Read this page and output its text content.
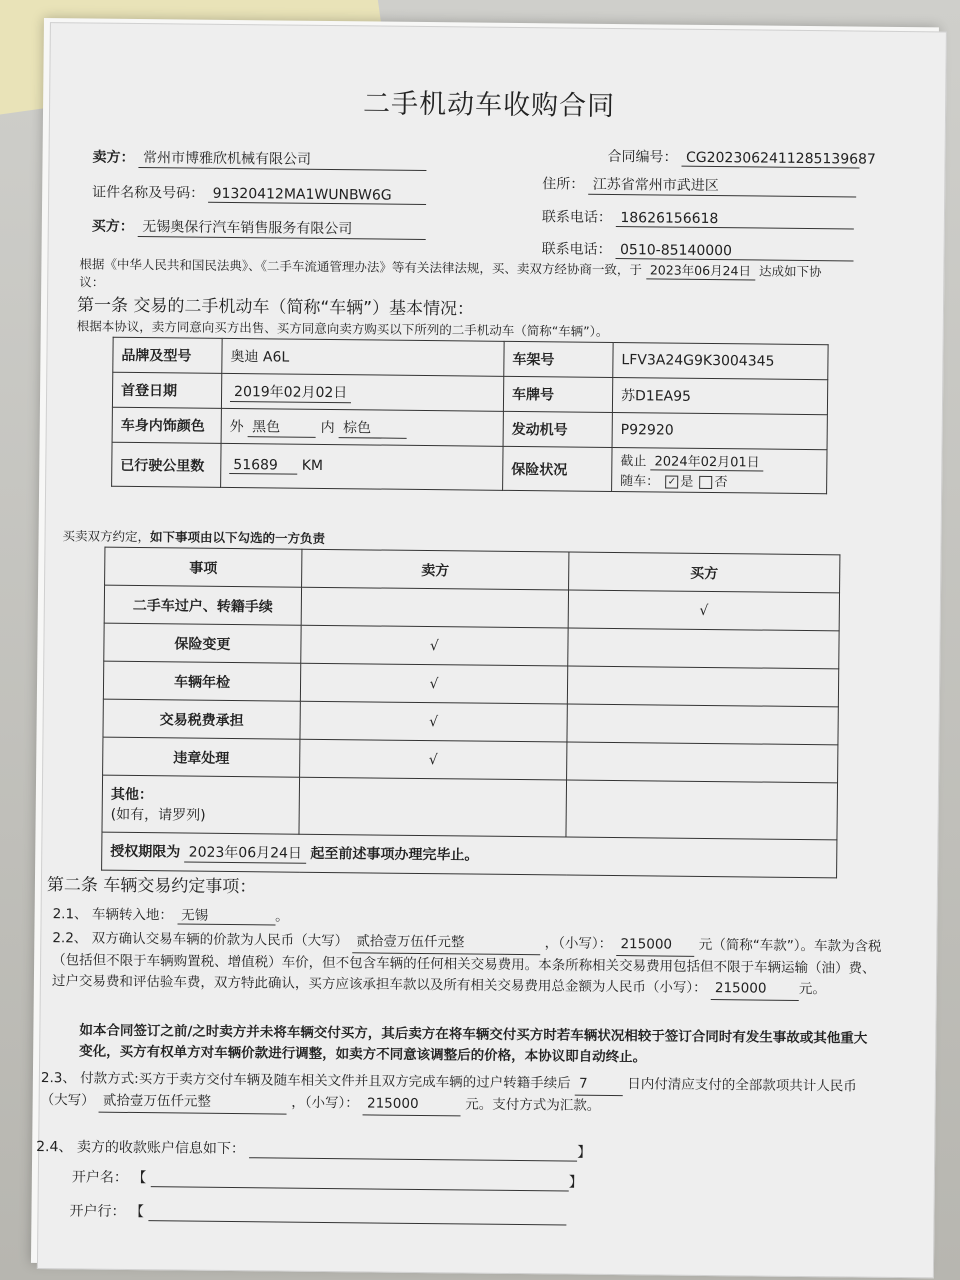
二手机动车收购合同
卖方： 常州市博雅欣机械有限公司
证件名称及号码： 91320412MA1WUNBW6G
买方： 无锡奥保行汽车销售服务有限公司
合同编号： CG2023062411285139687
住所： 江苏省常州市武进区
联系电话： 18626156618
联系电话： 0510-85140000
根据《中华人民共和国民法典》、《二手车流通管理办法》等有关法律法规，买、卖双方经协商一致，于 2023年06月24日 达成如下协
议：
第一条 交易的二手机动车（简称“车辆”）基本情况：
根据本协议，卖方同意向买方出售、买方同意向卖方购买以下所列的二手机动车（简称“车辆”）。
品牌及型号	奥迪 A6L	车架号	LFV3A24G9K3004345
首登日期	2019年02月02日	车牌号	苏D1EA95
车身内饰颜色	外 黑色 内 棕色	发动机号	P92920
已行驶公里数	51689 KM	保险状况	截止 2024年02月01日
随车： ✓ 是 否
买卖双方约定，如下事项由以下勾选的一方负责
事项	卖方	买方
二手车过户、转籍手续		√
保险变更	√	
车辆年检	√	
交易税费承担	√	
违章处理	√	

其他：
(如有，请罗列)		

授权期限为 2023年06月24日 起至前述事项办理完毕止。		
第二条 车辆交易约定事项：
2.1、 车辆转入地： 无锡	。
2.2、 双方确认交易车辆的价款为人民币（大写） 贰拾壹万伍仟元整	，（小写）： 215000 元（简称“车款”）。车款为含税（包括但不限于车辆购置税、增值税）车价，但不包含车辆的任何相关交易费用。本条所称相关交易费用包括但不限于车辆运输（油）费、过户交易费和评估验车费，双方特此确认，买方应该承担车款以及所有相关交易费用总金额为人民币（小写）： 215000 元。
如本合同签订之前/之时卖方并未将车辆交付买方，其后卖方在将车辆交付买方时若车辆状况相较于签订合同时有发生事故或其他重大变化，买方有权单方对车辆价款进行调整，如卖方不同意该调整后的价格，本协议即自动终止。
2.3、 付款方式:买方于卖方交付车辆及随车相关文件并且双方完成车辆的过户转籍手续后 7	日内付清应支付的全部款项共计人民币（大写） 贰拾壹万伍仟元整	，（小写）： 215000	元。支付方式为汇款。
2.4、 卖方的收款账户信息如下：	】
开户名： 【	】
开户行： 【
